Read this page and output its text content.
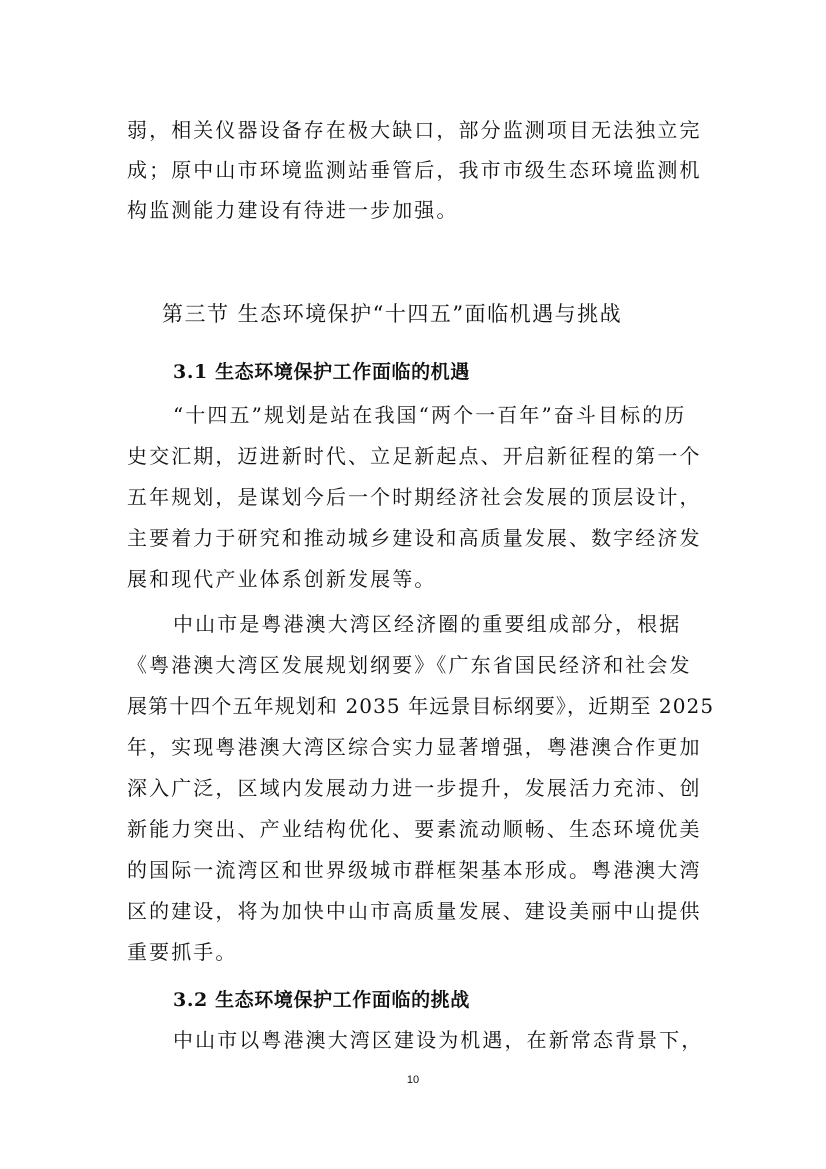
弱，相关仪器设备存在极大缺口，部分监测项目无法独立完
成；原中山市环境监测站垂管后，我市市级生态环境监测机
构监测能力建设有待进一步加强。
第三节 生态环境保护“十四五”面临机遇与挑战
3.1 生态环境保护工作面临的机遇
“十四五”规划是站在我国“两个一百年”奋斗目标的历
史交汇期，迈进新时代、立足新起点、开启新征程的第一个
五年规划，是谋划今后一个时期经济社会发展的顶层设计，
主要着力于研究和推动城乡建设和高质量发展、数字经济发
展和现代产业体系创新发展等。
中山市是粤港澳大湾区经济圈的重要组成部分，根据
《粤港澳大湾区发展规划纲要》《广东省国民经济和社会发
展第十四个五年规划和 2035 年远景目标纲要》，近期至 2025
年，实现粤港澳大湾区综合实力显著增强，粤港澳合作更加
深入广泛，区域内发展动力进一步提升，发展活力充沛、创
新能力突出、产业结构优化、要素流动顺畅、生态环境优美
的国际一流湾区和世界级城市群框架基本形成。粤港澳大湾
区的建设，将为加快中山市高质量发展、建设美丽中山提供
重要抓手。
3.2 生态环境保护工作面临的挑战
中山市以粤港澳大湾区建设为机遇，在新常态背景下，
10
